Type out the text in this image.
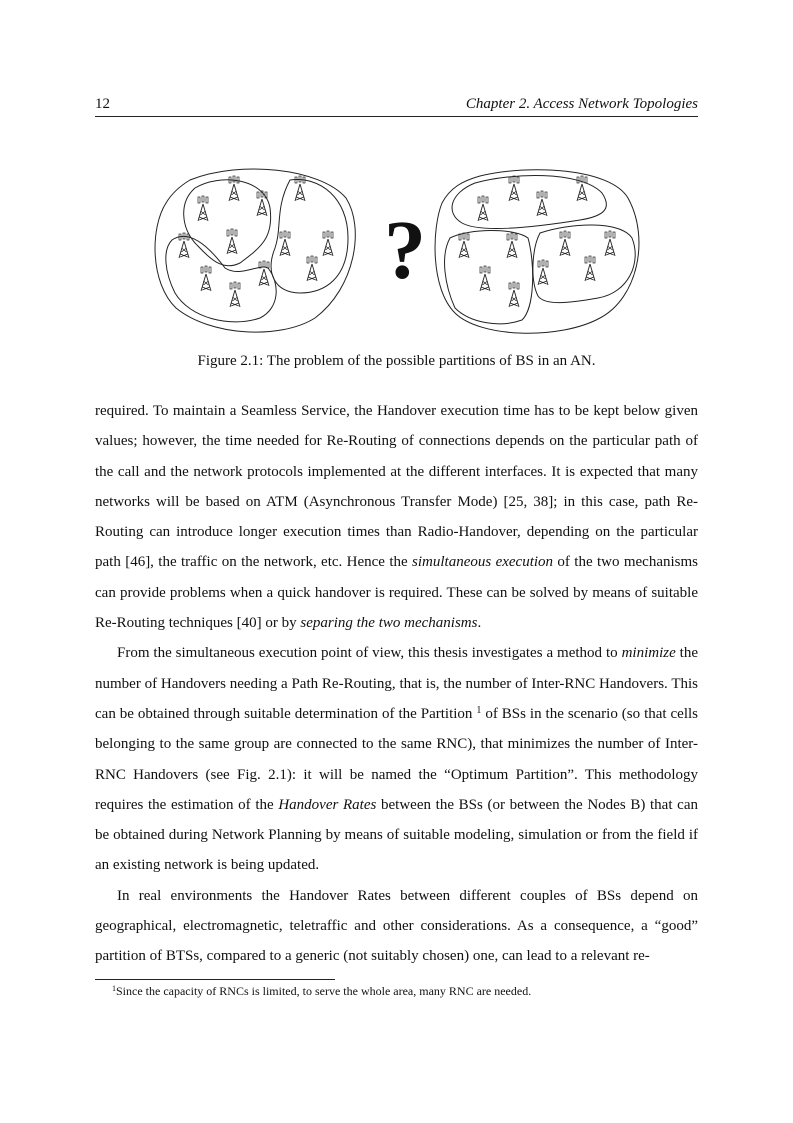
12	Chapter 2. Access Network Topologies
?
Figure 2.1: The problem of the possible partitions of BS in an AN.

required. To maintain a Seamless Service, the Handover execution time has to be kept below given values; however, the time needed for Re-Routing of connections depends on the particular path of the call and the network protocols implemented at the different interfaces. It is expected that many networks will be based on ATM (Asynchronous Transfer Mode) [25, 38]; in this case, path Re-Routing can introduce longer execution times than Radio-Handover, depending on the particular path [46], the traffic on the network, etc. Hence the simultaneous execution of the two mechanisms can provide problems when a quick handover is required. These can be solved by means of suitable Re-Routing techniques [40] or by separing the two mechanisms.

From the simultaneous execution point of view, this thesis investigates a method to minimize the number of Handovers needing a Path Re-Routing, that is, the number of Inter-RNC Handovers. This can be obtained through suitable determination of the Partition $^1$ of BSs in the scenario (so that cells belonging to the same group are connected to the same RNC), that minimizes the number of Inter-RNC Handovers (see Fig. 2.1): it will be named the “Optimum Partition”. This methodology requires the estimation of the Handover Rates between the BSs (or between the Nodes B) that can be obtained during Network Planning by means of suitable modeling, simulation or from the field if an existing network is being updated.

In real environments the Handover Rates between different couples of BSs depend on geographical, electromagnetic, teletraffic and other considerations. As a consequence, a “good” partition of BTSs, compared to a generic (not suitably chosen) one, can lead to a relevant re-

$^1$Since the capacity of RNCs is limited, to serve the whole area, many RNC are needed.
